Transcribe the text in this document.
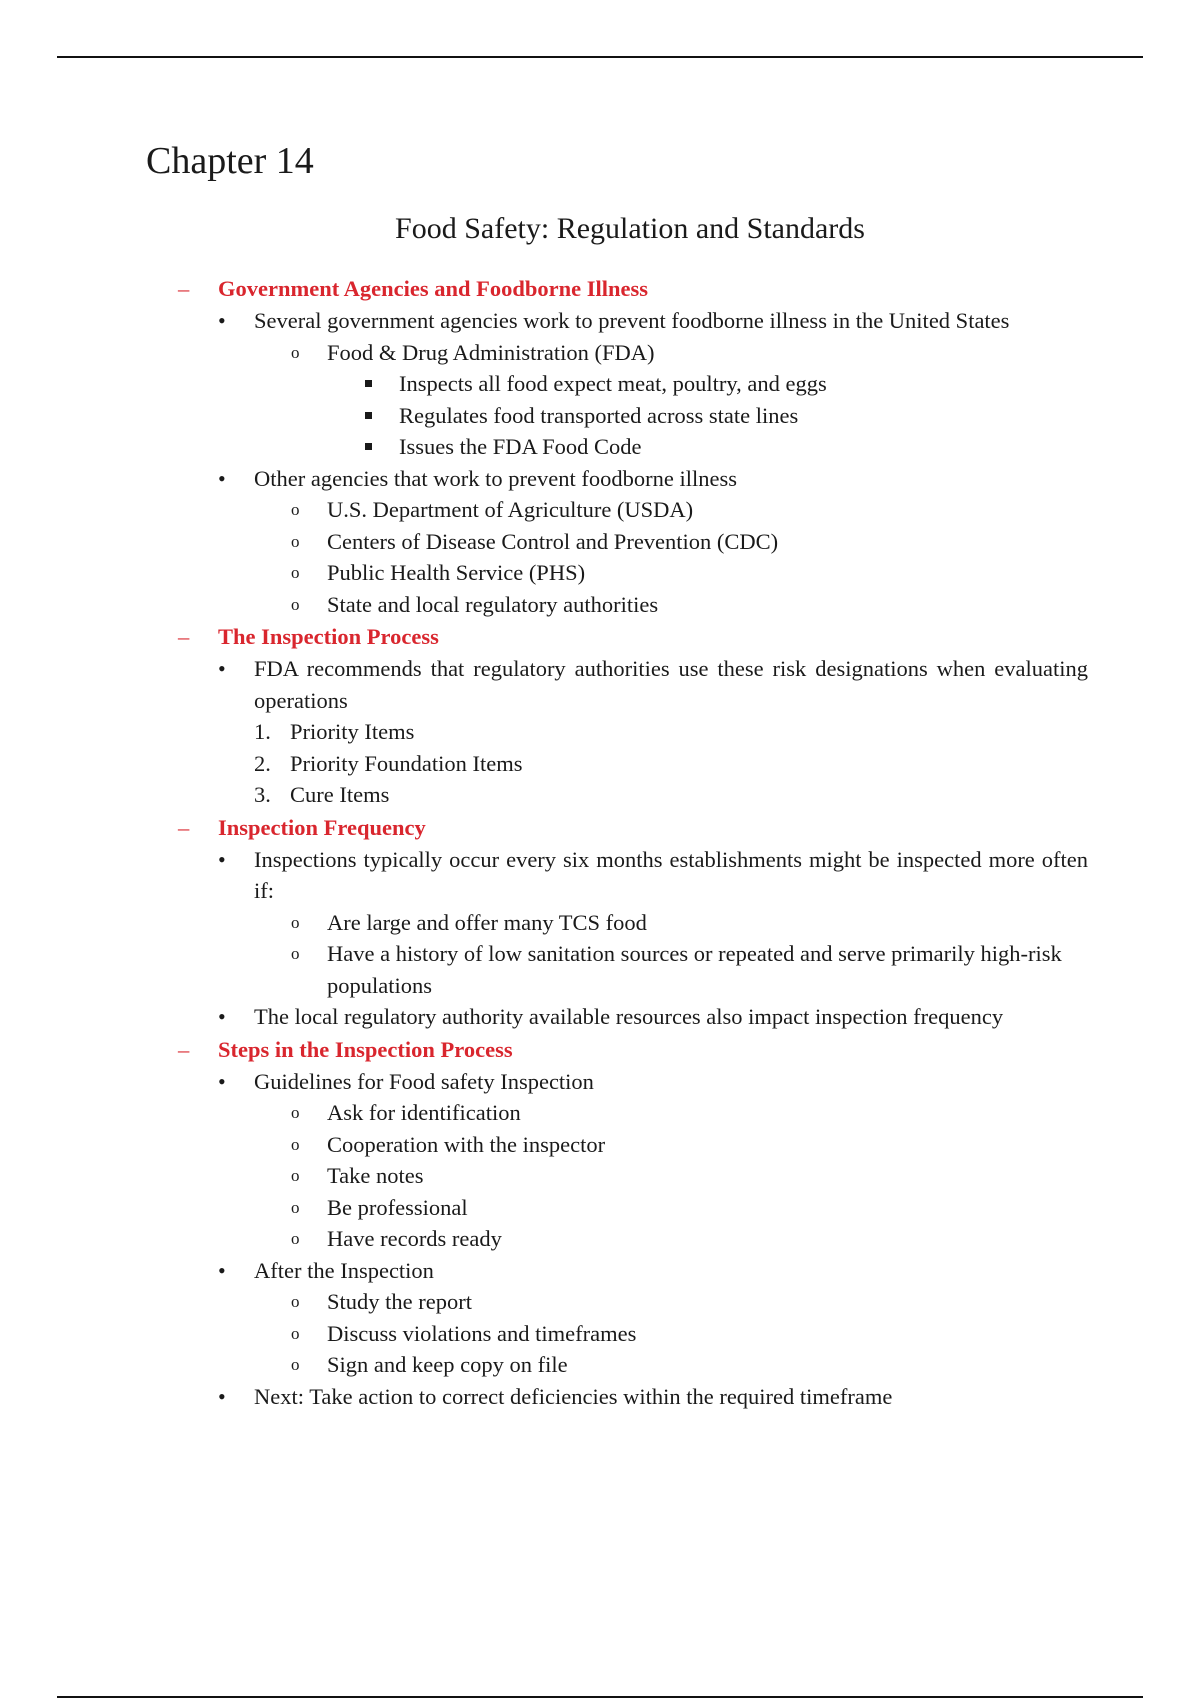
Chapter 14
Food Safety: Regulation and Standards
–	Government Agencies and Foodborne Illness
•	Several government agencies work to prevent foodborne illness in the United States
o	Food & Drug Administration (FDA)
Inspects all food expect meat, poultry, and eggs
Regulates food transported across state lines
Issues the FDA Food Code
•	Other agencies that work to prevent foodborne illness
o	U.S. Department of Agriculture (USDA)
o	Centers of Disease Control and Prevention (CDC)
o	Public Health Service (PHS)
o	State and local regulatory authorities
–	The Inspection Process
•	FDA recommends that regulatory authorities use these risk designations when evaluating operations
1. Priority Items
2. Priority Foundation Items
3. Cure Items
–	Inspection Frequency
•	Inspections typically occur every six months establishments might be inspected more often if:
o	Are large and offer many TCS food
o	Have a history of low sanitation sources or repeated and serve primarily high-risk populations
•	The local regulatory authority available resources also impact inspection frequency
–	Steps in the Inspection Process
•	Guidelines for Food safety Inspection
o	Ask for identification
o	Cooperation with the inspector
o	Take notes
o	Be professional
o	Have records ready
•	After the Inspection
o	Study the report
o	Discuss violations and timeframes
o	Sign and keep copy on file
•	Next: Take action to correct deficiencies within the required timeframe
